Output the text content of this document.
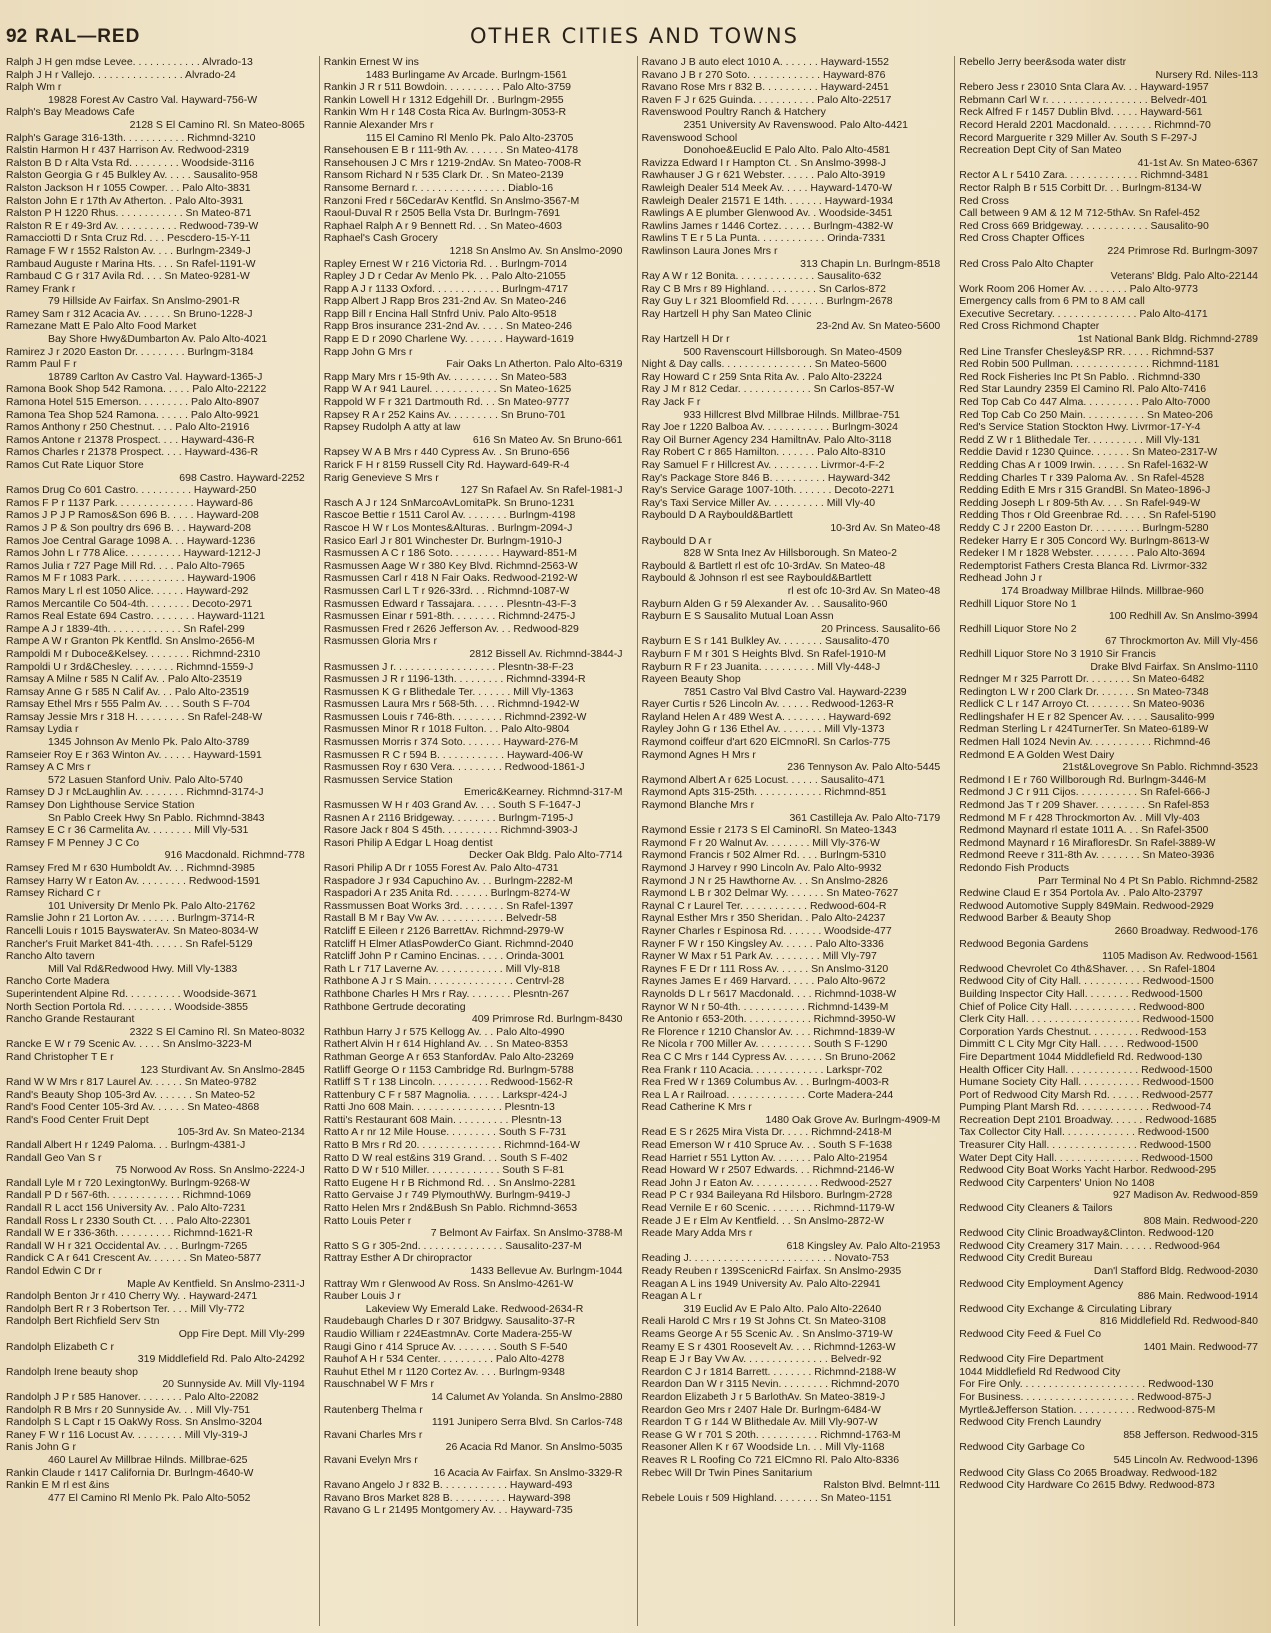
92 RAL—RED	OTHER CITIES AND TOWNS
Ralph J H gen mdse Levee. . . . . . . . . . . . Alvrado-13
Ralph J H r Vallejo. . . . . . . . . . . . . . . . Alvrado-24
Ralph Wm r
19828 Forest Av Castro Val. Hayward-756-W
Ralph's Bay Meadows Cafe
2128 S El Camino Rl. Sn Mateo-8065
Ralph's Garage 316-13th. . . . . . . . . . . Richmnd-3210
Ralstin Harmon H r 437 Harrison Av. Redwood-2319
Ralston B D r Alta Vsta Rd. . . . . . . . . Woodside-3116
Ralston Georgia G r 45 Bulkley Av. . . . . Sausalito-958
Ralston Jackson H r 1055 Cowper. . . Palo Alto-3831
Ralston John E r 17th Av Atherton. . Palo Alto-3931
Ralston P H 1220 Rhus. . . . . . . . . . . . Sn Mateo-871
Ralston R E r 49-3rd Av. . . . . . . . . . . Redwood-739-W
Ramacciotti D r Snta Cruz Rd. . . . Pescdero-15-Y-11
Ramage F W r 1552 Ralston Av. . . . Burlngm-2349-J
Rambaud Auguste r Marina Hts. . . . Sn Rafel-1191-W
Rambaud C G r 317 Avila Rd. . . . Sn Mateo-9281-W
Ramey Frank r
79 Hillside Av Fairfax. Sn Anslmo-2901-R
Ramey Sam r 312 Acacia Av. . . . . . Sn Bruno-1228-J
Ramezane Matt E Palo Alto Food Market
Bay Shore Hwy&Dumbarton Av. Palo Alto-4021
Ramirez J r 2020 Easton Dr. . . . . . . . . Burlngm-3184
Ramm Paul F r
18789 Carlton Av Castro Val. Hayward-1365-J
Ramona Book Shop 542 Ramona. . . . . Palo Alto-22122
Ramona Hotel 515 Emerson. . . . . . . . . Palo Alto-8907
Ramona Tea Shop 524 Ramona. . . . . . Palo Alto-9921
Ramos Anthony r 250 Chestnut. . . . Palo Alto-21916
Ramos Antone r 21378 Prospect. . . . Hayward-436-R
Ramos Charles r 21378 Prospect. . . . Hayward-436-R
Ramos Cut Rate Liquor Store
698 Castro. Hayward-2252
Ramos Drug Co 601 Castro. . . . . . . . . . Hayward-250
Ramos F P r 1137 Park. . . . . . . . . . . . . . Hayward-86
Ramos J P J P Ramos&Son 696 B. . . . . Hayward-208
Ramos J P & Son poultry drs 696 B. . . Hayward-208
Ramos Joe Central Garage 1098 A. . . Hayward-1236
Ramos John L r 778 Alice. . . . . . . . . . Hayward-1212-J
Ramos Julia r 727 Page Mill Rd. . . . Palo Alto-7965
Ramos M F r 1083 Park. . . . . . . . . . . . Hayward-1906
Ramos Mary L rl est 1050 Alice. . . . . . Hayward-292
Ramos Mercantile Co 504-4th. . . . . . . . Decoto-2971
Ramos Real Estate 694 Castro. . . . . . . . Hayward-1121
Rampe A J r 1839-4th. . . . . . . . . . . . . Sn Rafel-299
Rampe A W r Granton Pk Kentfld. Sn Anslmo-2656-M
Rampoldi M r Duboce&Kelsey. . . . . . . . Richmnd-2310
Rampoldi U r 3rd&Chesley. . . . . . . . Richmnd-1559-J
Ramsay A Milne r 585 N Calif Av. . Palo Alto-23519
Ramsay Anne G r 585 N Calif Av. . . Palo Alto-23519
Ramsay Ethel Mrs r 555 Palm Av. . . . South S F-704
Ramsay Jessie Mrs r 318 H. . . . . . . . . Sn Rafel-248-W
Ramsay Lydia r
1345 Johnson Av Menlo Pk. Palo Alto-3789
Ramseier Roy E r 363 Winton Av. . . . . . Hayward-1591
Ramsey A C Mrs r
572 Lasuen Stanford Univ. Palo Alto-5740
Ramsey D J r McLaughlin Av. . . . . . . . Richmnd-3174-J
Ramsey Don Lighthouse Service Station
Sn Pablo Creek Hwy Sn Pablo. Richmnd-3843
Ramsey E C r 36 Carmelita Av. . . . . . . . Mill Vly-531
Ramsey F M Penney J C Co
916 Macdonald. Richmnd-778
Ramsey Fred M r 630 Humboldt Av. . . Richmnd-3985
Ramsey Harry W r Eaton Av. . . . . . . . . Redwood-1591
Ramsey Richard C r
101 University Dr Menlo Pk. Palo Alto-21762
Ramslie John r 21 Lorton Av. . . . . . . Burlngm-3714-R
Rancelli Louis r 1015 BayswaterAv. Sn Mateo-8034-W
Rancher's Fruit Market 841-4th. . . . . . Sn Rafel-5129
Rancho Alto tavern
Mill Val Rd&Redwood Hwy. Mill Vly-1383
Rancho Corte Madera
Superintendent Alpine Rd. . . . . . . . . . Woodside-3671
North Section Portola Rd. . . . . . . . . Woodside-3855
Rancho Grande Restaurant
2322 S El Camino Rl. Sn Mateo-8032
Rancke E W r 79 Scenic Av. . . . . Sn Anslmo-3223-M
Rand Christopher T E r
123 Sturdivant Av. Sn Anslmo-2845
Rand W W Mrs r 817 Laurel Av. . . . . . Sn Mateo-9782
Rand's Beauty Shop 105-3rd Av. . . . . . . Sn Mateo-52
Rand's Food Center 105-3rd Av. . . . . . Sn Mateo-4868
Rand's Food Center Fruit Dept
105-3rd Av. Sn Mateo-2134
Randall Albert H r 1249 Paloma. . . Burlngm-4381-J
Randall Geo Van S r
75 Norwood Av Ross. Sn Anslmo-2224-J
Randall Lyle M r 720 LexingtonWy. Burlngm-9268-W
Randall P D r 567-6th. . . . . . . . . . . . . Richmnd-1069
Randall R L acct 156 University Av. . Palo Alto-7231
Randall Ross L r 2330 South Ct. . . . Palo Alto-22301
Randall W E r 336-36th. . . . . . . . . . Richmnd-1621-R
Randall W H r 321 Occidental Av. . . . Burlngm-7265
Randick C A r 641 Crescent Av. . . . . . . Sn Mateo-5877
Randol Edwin C Dr r
Maple Av Kentfield. Sn Anslmo-2311-J
Randolph Benton Jr r 410 Cherry Wy. . Hayward-2471
Randolph Bert R r 3 Robertson Ter. . . . Mill Vly-772
Randolph Bert Richfield Serv Stn
Opp Fire Dept. Mill Vly-299
Randolph Elizabeth C r
319 Middlefield Rd. Palo Alto-24292
Randolph Irene beauty shop
20 Sunnyside Av. Mill Vly-1194
Randolph J P r 585 Hanover. . . . . . . . Palo Alto-22082
Randolph R B Mrs r 20 Sunnyside Av. . . Mill Vly-751
Randolph S L Capt r 15 OakWy Ross. Sn Anslmo-3204
Raney F W r 116 Locust Av. . . . . . . . . Mill Vly-319-J
Ranis John G r
460 Laurel Av Millbrae Hilnds. Millbrae-625
Rankin Claude r 1417 California Dr. Burlngm-4640-W
Rankin E M rl est &ins
477 El Camino Rl Menlo Pk. Palo Alto-5052
Rankin Ernest W ins
1483 Burlingame Av Arcade. Burlngm-1561
Rankin J R r 511 Bowdoin. . . . . . . . . . Palo Alto-3759
Rankin Lowell H r 1312 Edgehill Dr. . Burlngm-2955
Rankin Wm H r 148 Costa Rica Av. Burlngm-3053-R
Rannie Alexander Mrs r
115 El Camino Rl Menlo Pk. Palo Alto-23705
Ransehousen E B r 111-9th Av. . . . . . . Sn Mateo-4178
Ransehousen J C Mrs r 1219-2ndAv. Sn Mateo-7008-R
Ransom Richard N r 535 Clark Dr. . Sn Mateo-2139
Ransome Bernard r. . . . . . . . . . . . . . . . Diablo-16
Ranzoni Fred r 56CedarAv Kentfld. Sn Anslmo-3567-M
Raoul-Duval R r 2505 Bella Vsta Dr. Burlngm-7691
Raphael Ralph A r 9 Bennett Rd. . . Sn Mateo-4603
Raphael's Cash Grocery
1218 Sn Anslmo Av. Sn Anslmo-2090
Rapley Ernest W r 216 Victoria Rd. . . Burlngm-7014
Rapley J D r Cedar Av Menlo Pk. . . Palo Alto-21055
Rapp A J r 1133 Oxford. . . . . . . . . . . . Burlngm-4717
Rapp Albert J Rapp Bros 231-2nd Av. Sn Mateo-246
Rapp Bill r Encina Hall Stnfrd Univ. Palo Alto-9518
Rapp Bros insurance 231-2nd Av. . . . . Sn Mateo-246
Rapp E D r 2090 Charlene Wy. . . . . . . Hayward-1619
Rapp John G Mrs r
Fair Oaks Ln Atherton. Palo Alto-6319
Rapp Mary Mrs r 15-9th Av. . . . . . . . . Sn Mateo-583
Rapp W A r 941 Laurel. . . . . . . . . . . . Sn Mateo-1625
Rappold W F r 321 Dartmouth Rd. . . Sn Mateo-9777
Rapsey R A r 252 Kains Av. . . . . . . . . Sn Bruno-701
Rapsey Rudolph A atty at law
616 Sn Mateo Av. Sn Bruno-661
Rapsey W A B Mrs r 440 Cypress Av. . Sn Bruno-656
Rarick F H r 8159 Russell City Rd. Hayward-649-R-4
Rarig Genevieve S Mrs r
127 Sn Rafael Av. Sn Rafel-1981-J
Rasch A J r 124 SnMarcoAvLomitaPk. Sn Bruno-1231
Rascoe Bettie r 1511 Carol Av. . . . . . . . Burlngm-4198
Rascoe H W r Los Montes&Alturas. . Burlngm-2094-J
Rasico Earl J r 801 Winchester Dr. Burlngm-1910-J
Rasmussen A C r 186 Soto. . . . . . . . . Hayward-851-M
Rasmussen Aage W r 380 Key Blvd. Richmnd-2563-W
Rasmussen Carl r 418 N Fair Oaks. Redwood-2192-W
Rasmussen Carl L T r 926-33rd. . . Richmnd-1087-W
Rasmussen Edward r Tassajara. . . . . . Plesntn-43-F-3
Rasmussen Einar r 591-8th. . . . . . . . Richmnd-2475-J
Rasmussen Fred r 2626 Jefferson Av. . . Redwood-829
Rasmussen Gloria Mrs r
2812 Bissell Av. Richmnd-3844-J
Rasmussen J r. . . . . . . . . . . . . . . . . . Plesntn-38-F-23
Rasmussen J R r 1196-13th. . . . . . . . . Richmnd-3394-R
Rasmussen K G r Blithedale Ter. . . . . . . Mill Vly-1363
Rasmussen Laura Mrs r 568-5th. . . . Richmnd-1942-W
Rasmussen Louis r 746-8th. . . . . . . . . Richmnd-2392-W
Rasmussen Minor R r 1018 Fulton. . . Palo Alto-9804
Rasmussen Morris r 374 Soto. . . . . . . Hayward-276-M
Rasmussen R C r 594 B. . . . . . . . . . . . Hayward-406-W
Rasmussen Roy r 630 Vera. . . . . . . . . Redwood-1861-J
Rasmussen Service Station
Emeric&Kearney. Richmnd-317-M
Rasmussen W H r 403 Grand Av. . . . South S F-1647-J
Rasnen A r 2116 Bridgeway. . . . . . . . Burlngm-7195-J
Rasore Jack r 804 S 45th. . . . . . . . . . Richmnd-3903-J
Rasori Philip A Edgar L Hoag dentist
Decker Oak Bldg. Palo Alto-7714
Rasori Philip A Dr r 1055 Forest Av. Palo Alto-4731
Raspadore J r 934 Capuchino Av. . . Burlngm-2282-M
Raspadori A r 235 Anita Rd. . . . . . . Burlngm-8274-W
Rassmussen Boat Works 3rd. . . . . . . . Sn Rafel-1397
Rastall B M r Bay Vw Av. . . . . . . . . . . . Belvedr-58
Ratcliff E Eileen r 2126 BarrettAv. Richmnd-2979-W
Ratcliff H Elmer AtlasPowderCo Giant. Richmnd-2040
Ratcliff John P r Camino Encinas. . . . . Orinda-3001
Rath L r 717 Laverne Av. . . . . . . . . . . . Mill Vly-818
Rathbone A J r S Main. . . . . . . . . . . . . . . Centrvl-28
Rathbone Charles H Mrs r Ray. . . . . . . . Plesntn-267
Rathbone Gertrude decorating
409 Primrose Rd. Burlngm-8430
Rathbun Harry J r 575 Kellogg Av. . . Palo Alto-4990
Rathert Alvin H r 614 Highland Av. . . Sn Mateo-8353
Rathman George A r 653 StanfordAv. Palo Alto-23269
Ratliff George O r 1153 Cambridge Rd. Burlngm-5788
Ratliff S T r 138 Lincoln. . . . . . . . . . Redwood-1562-R
Rattenbury C F r 587 Magnolia. . . . . . Larkspr-424-J
Ratti Jno 608 Main. . . . . . . . . . . . . . . . Plesntn-13
Ratti's Restaurant 608 Main. . . . . . . . . . Plesntn-13
Ratto A r nr 12 Mile House. . . . . . . . . South S F-731
Ratto B Mrs r Rd 20. . . . . . . . . . . . . . . Richmnd-164-W
Ratto D W real est&ins 319 Grand. . . South S F-402
Ratto D W r 510 Miller. . . . . . . . . . . . . South S F-81
Ratto Eugene H r B Richmond Rd. . . Sn Anslmo-2281
Ratto Gervaise J r 749 PlymouthWy. Burlngm-9419-J
Ratto Helen Mrs r 2nd&Bush Sn Pablo. Richmnd-3653
Ratto Louis Peter r
7 Belmont Av Fairfax. Sn Anslmo-3788-M
Ratto S G r 305-2nd. . . . . . . . . . . . . . . Sausalito-237-M
Rattray Esther A Dr chiropractor
1433 Bellevue Av. Burlngm-1044
Rattray Wm r Glenwood Av Ross. Sn Anslmo-4261-W
Rauber Louis J r
Lakeview Wy Emerald Lake. Redwood-2634-R
Raudebaugh Charles D r 307 Bridgwy. Sausalito-37-R
Raudio William r 224EastmnAv. Corte Madera-255-W
Raugi Gino r 414 Spruce Av. . . . . . . . South S F-540
Rauhof A H r 534 Center. . . . . . . . . . Palo Alto-4278
Rauhut Ethel M r 1120 Cortez Av. . . . Burlngm-9348
Rauschnabel W F Mrs r
14 Calumet Av Yolanda. Sn Anslmo-2880
Rautenberg Thelma r
1191 Junipero Serra Blvd. Sn Carlos-748
Ravani Charles Mrs r
26 Acacia Rd Manor. Sn Anslmo-5035
Ravani Evelyn Mrs r
16 Acacia Av Fairfax. Sn Anslmo-3329-R
Ravano Angelo J r 832 B. . . . . . . . . . . . Hayward-493
Ravano Bros Market 828 B. . . . . . . . . . Hayward-398
Ravano G L r 21495 Montgomery Av. . . Hayward-735
Ravano J B auto elect 1010 A. . . . . . . Hayward-1552
Ravano J B r 270 Soto. . . . . . . . . . . . . Hayward-876
Ravano Rose Mrs r 832 B. . . . . . . . . . Hayward-2451
Raven F J r 625 Guinda. . . . . . . . . . . Palo Alto-22517
Ravenswood Poultry Ranch & Hatchery
2351 University Av Ravenswood. Palo Alto-4421
Ravenswood School
Donohoe&Euclid E Palo Alto. Palo Alto-4581
Ravizza Edward I r Hampton Ct. . Sn Anslmo-3998-J
Rawhauser J G r 621 Webster. . . . . . Palo Alto-3919
Rawleigh Dealer 514 Meek Av. . . . . Hayward-1470-W
Rawleigh Dealer 21571 E 14th. . . . . . . Hayward-1934
Rawlings A E plumber Glenwood Av. . Woodside-3451
Rawlins James r 1446 Cortez. . . . . . Burlngm-4382-W
Rawlins T E r 5 La Punta. . . . . . . . . . . . Orinda-7331
Rawlinson Laura Jones Mrs r
313 Chapin Ln. Burlngm-8518
Ray A W r 12 Bonita. . . . . . . . . . . . . . Sausalito-632
Ray C B Mrs r 89 Highland. . . . . . . . . Sn Carlos-872
Ray Guy L r 321 Bloomfield Rd. . . . . . . Burlngm-2678
Ray Hartzell H phy San Mateo Clinic
23-2nd Av. Sn Mateo-5600
Ray Hartzell H Dr r
500 Ravenscourt Hillsborough. Sn Mateo-4509
Night & Day calls. . . . . . . . . . . . . . . . Sn Mateo-5600
Ray Howard C r 259 Snta Rita Av. . Palo Alto-23224
Ray J M r 812 Cedar. . . . . . . . . . . . . Sn Carlos-857-W
Ray Jack F r
933 Hillcrest Blvd Millbrae Hilnds. Millbrae-751
Ray Joe r 1220 Balboa Av. . . . . . . . . . . . Burlngm-3024
Ray Oil Burner Agency 234 HamiltnAv. Palo Alto-3118
Ray Robert C r 865 Hamilton. . . . . . . Palo Alto-8310
Ray Samuel F r Hillcrest Av. . . . . . . . . Livrmor-4-F-2
Ray's Package Store 846 B. . . . . . . . . . Hayward-342
Ray's Service Garage 1007-10th. . . . . . . Decoto-2271
Ray's Taxi Service Miller Av. . . . . . . . . . Mill Vly-40
Raybould D A Raybould&Bartlett
10-3rd Av. Sn Mateo-48
Raybould D A r
828 W Snta Inez Av Hillsborough. Sn Mateo-2
Raybould & Bartlett rl est ofc 10-3rdAv. Sn Mateo-48
Raybould & Johnson rl est see Raybould&Bartlett
rl est ofc 10-3rd Av. Sn Mateo-48
Rayburn Alden G r 59 Alexander Av. . . Sausalito-960
Rayburn E S Sausalito Mutual Loan Assn
20 Princess. Sausalito-66
Rayburn E S r 141 Bulkley Av. . . . . . . . Sausalito-470
Rayburn F M r 301 S Heights Blvd. Sn Rafel-1910-M
Rayburn R F r 23 Juanita. . . . . . . . . . Mill Vly-448-J
Rayeen Beauty Shop
7851 Castro Val Blvd Castro Val. Hayward-2239
Rayer Curtis r 526 Lincoln Av. . . . . . Redwood-1263-R
Rayland Helen A r 489 West A. . . . . . . . Hayward-692
Rayley John G r 136 Ethel Av. . . . . . . . Mill Vly-1373
Raymond coiffeur d'art 620 ElCmnoRl. Sn Carlos-775
Raymond Agnes H Mrs r
236 Tennyson Av. Palo Alto-5445
Raymond Albert A r 625 Locust. . . . . . Sausalito-471
Raymond Apts 315-25th. . . . . . . . . . . . Richmnd-851
Raymond Blanche Mrs r
361 Castilleja Av. Palo Alto-7179
Raymond Essie r 2173 S El CaminoRl. Sn Mateo-1343
Raymond F r 20 Walnut Av. . . . . . . . Mill Vly-376-W
Raymond Francis r 502 Almer Rd. . . . Burlngm-5310
Raymond J Harvey r 990 Lincoln Av. Palo Alto-9932
Raymond J N r 25 Hawthorne Av. . . Sn Anslmo-2826
Raymond L B r 302 Delmar Wy. . . . . . . Sn Mateo-7627
Raynal C r Laurel Ter. . . . . . . . . . . . Redwood-604-R
Raynal Esther Mrs r 350 Sheridan. . Palo Alto-24237
Rayner Charles r Espinosa Rd. . . . . . . Woodside-477
Rayner F W r 150 Kingsley Av. . . . . . Palo Alto-3336
Rayner W Max r 51 Park Av. . . . . . . . . Mill Vly-797
Raynes F E Dr r 111 Ross Av. . . . . . Sn Anslmo-3120
Raynes James E r 469 Harvard. . . . . Palo Alto-9672
Raynolds D L r 5617 Macdonald. . . . Richmnd-1038-W
Raynor W N r 50-4th. . . . . . . . . . . . Richmnd-1439-M
Re Antonio r 653-20th. . . . . . . . . . . . Richmnd-3950-W
Re Florence r 1210 Chanslor Av. . . . Richmnd-1839-W
Re Nicola r 700 Miller Av. . . . . . . . . . South S F-1290
Rea C C Mrs r 144 Cypress Av. . . . . . . Sn Bruno-2062
Rea Frank r 110 Acacia. . . . . . . . . . . . . Larkspr-702
Rea Fred W r 1369 Columbus Av. . . Burlngm-4003-R
Rea L A r Railroad. . . . . . . . . . . . . . Corte Madera-244
Read Catherine K Mrs r
1480 Oak Grove Av. Burlngm-4909-M
Read E S r 2625 Mira Vista Dr. . . . . Richmnd-2418-M
Read Emerson W r 410 Spruce Av. . . South S F-1638
Read Harriet r 551 Lytton Av. . . . . . . Palo Alto-21954
Read Howard W r 2507 Edwards. . . Richmnd-2146-W
Read John J r Eaton Av. . . . . . . . . . . . Redwood-2527
Read P C r 934 Baileyana Rd Hilsboro. Burlngm-2728
Read Vernile E r 60 Scenic. . . . . . . . Richmnd-1179-W
Reade J E r Elm Av Kentfield. . . Sn Anslmo-2872-W
Reade Mary Adda Mrs r
618 Kingsley Av. Palo Alto-21953
Reading J. . . . . . . . . . . . . . . . . . . . . . . . . Novato-753
Ready Reuben r 139ScenicRd Fairfax. Sn Anslmo-2935
Reagan A L ins 1949 University Av. Palo Alto-22941
Reagan A L r
319 Euclid Av E Palo Alto. Palo Alto-22640
Reali Harold C Mrs r 19 St Johns Ct. Sn Mateo-3108
Reams George A r 55 Scenic Av. . Sn Anslmo-3719-W
Reamy E S r 4301 Roosevelt Av. . . . Richmnd-1263-W
Reap E J r Bay Vw Av. . . . . . . . . . . . . . . Belvedr-92
Reardon C J r 1814 Barrett. . . . . . . . Richmnd-2188-W
Reardon Dan W r 3115 Nevin. . . . . . . . . Richmnd-2070
Reardon Elizabeth J r 5 BarlothAv. Sn Mateo-3819-J
Reardon Geo Mrs r 2407 Hale Dr. Burlngm-6484-W
Reardon T G r 144 W Blithedale Av. Mill Vly-907-W
Rease G W r 701 S 20th. . . . . . . . . . . Richmnd-1763-M
Reasoner Allen K r 67 Woodside Ln. . . Mill Vly-1168
Reaves R L Roofing Co 721 ElCmno Rl. Palo Alto-8336
Rebec Will Dr Twin Pines Sanitarium
Ralston Blvd. Belmnt-111
Rebele Louis r 509 Highland. . . . . . . . Sn Mateo-1151
Rebello Jerry beer&soda water distr
Nursery Rd. Niles-113
Rebero Jess r 23010 Snta Clara Av. . . Hayward-1957
Rebmann Carl W r. . . . . . . . . . . . . . . . . . Belvedr-401
Reck Alfred F r 1457 Dublin Blvd. . . . . Hayward-561
Record Herald 2201 Macdonald. . . . . . . . Richmnd-70
Record Marguerite r 329 Miller Av. South S F-297-J
Recreation Dept City of San Mateo
41-1st Av. Sn Mateo-6367
Rector A L r 5410 Zara. . . . . . . . . . . . . Richmnd-3481
Rector Ralph B r 515 Corbitt Dr. . . Burlngm-8134-W
Red Cross
Call between 9 AM & 12 M 712-5thAv. Sn Rafel-452
Red Cross 669 Bridgeway. . . . . . . . . . . . Sausalito-90
Red Cross Chapter Offices
224 Primrose Rd. Burlngm-3097
Red Cross Palo Alto Chapter
Veterans' Bldg. Palo Alto-22144
Work Room 206 Homer Av. . . . . . . . Palo Alto-9773
Emergency calls from 6 PM to 8 AM call
Executive Secretary. . . . . . . . . . . . . . . Palo Alto-4171
Red Cross Richmond Chapter
1st National Bank Bldg. Richmnd-2789
Red Line Transfer Chesley&SP RR. . . . . Richmnd-537
Red Robin 500 Pullman. . . . . . . . . . . . . . Richmnd-1181
Red Rock Fisheries Inc Pt Sn Pablo. . Richmnd-330
Red Star Laundry 2359 El Camino Rl. Palo Alto-7416
Red Top Cab Co 447 Alma. . . . . . . . . . Palo Alto-7000
Red Top Cab Co 250 Main. . . . . . . . . . . Sn Mateo-206
Red's Service Station Stockton Hwy. Livrmor-17-Y-4
Redd Z W r 1 Blithedale Ter. . . . . . . . . . Mill Vly-131
Reddie David r 1230 Quince. . . . . . . Sn Mateo-2317-W
Redding Chas A r 1009 Irwin. . . . . . Sn Rafel-1632-W
Redding Charles T r 339 Paloma Av. . Sn Rafel-4528
Redding Edith E Mrs r 315 GrandBl. Sn Mateo-1896-J
Redding Joseph L r 809-5th Av. . . . Sn Rafel-949-W
Redding Thos r Old Greenbrae Rd. . . . . Sn Rafel-5190
Reddy C J r 2200 Easton Dr. . . . . . . . . Burlngm-5280
Redeker Harry E r 305 Concord Wy. Burlngm-8613-W
Redeker I M r 1828 Webster. . . . . . . . Palo Alto-3694
Redemptorist Fathers Cresta Blanca Rd. Livrmor-332
Redhead John J r
174 Broadway Millbrae Hilnds. Millbrae-960
Redhill Liquor Store No 1
100 Redhill Av. Sn Anslmo-3994
Redhill Liquor Store No 2
67 Throckmorton Av. Mill Vly-456
Redhill Liquor Store No 3 1910 Sir Francis
Drake Blvd Fairfax. Sn Anslmo-1110
Rednger M r 325 Parrott Dr. . . . . . . . Sn Mateo-6482
Redington L W r 200 Clark Dr. . . . . . . Sn Mateo-7348
Redlick C L r 147 Arroyo Ct. . . . . . . . Sn Mateo-9036
Redlingshafer H E r 82 Spencer Av. . . . . Sausalito-999
Redman Sterling L r 424TurnerTer. Sn Mateo-6189-W
Redmen Hall 1024 Nevin Av. . . . . . . . . . . Richmnd-46
Redmond E A Golden West Dairy
21st&Lovegrove Sn Pablo. Richmnd-3523
Redmond I E r 760 Willborough Rd. Burlngm-3446-M
Redmond J C r 911 Cijos. . . . . . . . . . . Sn Rafel-666-J
Redmond Jas T r 209 Shaver. . . . . . . . . Sn Rafel-853
Redmond M F r 428 Throckmorton Av. . Mill Vly-403
Redmond Maynard rl estate 1011 A. . . Sn Rafel-3500
Redmond Maynard r 16 MirafloresDr. Sn Rafel-3889-W
Redmond Reeve r 311-8th Av. . . . . . . . Sn Mateo-3936
Redondo Fish Products
Parr Terminal No 4 Pt Sn Pablo. Richmnd-2582
Redwine Claud E r 354 Portola Av. . Palo Alto-23797
Redwood Automotive Supply 849Main. Redwood-2929
Redwood Barber & Beauty Shop
2660 Broadway. Redwood-176
Redwood Begonia Gardens
1105 Madison Av. Redwood-1561
Redwood Chevrolet Co 4th&Shaver. . . . Sn Rafel-1804
Redwood City of City Hall. . . . . . . . . . . Redwood-1500
Building Inspector City Hall. . . . . . . . Redwood-1500
Chief of Police City Hall. . . . . . . . . . . . Redwood-800
Clerk City Hall. . . . . . . . . . . . . . . . . . . . Redwood-1500
Corporation Yards Chestnut. . . . . . . . . Redwood-153
Dimmitt C L City Mgr City Hall. . . . . Redwood-1500
Fire Department 1044 Middlefield Rd. Redwood-130
Health Officer City Hall. . . . . . . . . . . . . Redwood-1500
Humane Society City Hall. . . . . . . . . . . Redwood-1500
Port of Redwood City Marsh Rd. . . . . . Redwood-2577
Pumping Plant Marsh Rd. . . . . . . . . . . . . Redwood-74
Recreation Dept 2101 Broadway. . . . . . Redwood-1685
Tax Collector City Hall. . . . . . . . . . . . . Redwood-1500
Treasurer City Hall. . . . . . . . . . . . . . . . Redwood-1500
Water Dept City Hall. . . . . . . . . . . . . . . Redwood-1500
Redwood City Boat Works Yacht Harbor. Redwood-295
Redwood City Carpenters' Union No 1408
927 Madison Av. Redwood-859
Redwood City Cleaners & Tailors
808 Main. Redwood-220
Redwood City Clinic Broadway&Clinton. Redwood-120
Redwood City Creamery 317 Main. . . . . . Redwood-964
Redwood City Credit Bureau
Dan'l Stafford Bldg. Redwood-2030
Redwood City Employment Agency
886 Main. Redwood-1914
Redwood City Exchange & Circulating Library
816 Middlefield Rd. Redwood-840
Redwood City Feed & Fuel Co
1401 Main. Redwood-77
Redwood City Fire Department
1044 Middlefield Rd Redwood City
For Fire Only. . . . . . . . . . . . . . . . . . . . . . Redwood-130
For Business. . . . . . . . . . . . . . . . . . . . Redwood-875-J
Myrtle&Jefferson Station. . . . . . . . . . . Redwood-875-M
Redwood City French Laundry
858 Jefferson. Redwood-315
Redwood City Garbage Co
545 Lincoln Av. Redwood-1396
Redwood City Glass Co 2065 Broadway. Redwood-182
Redwood City Hardware Co 2615 Bdwy. Redwood-873
